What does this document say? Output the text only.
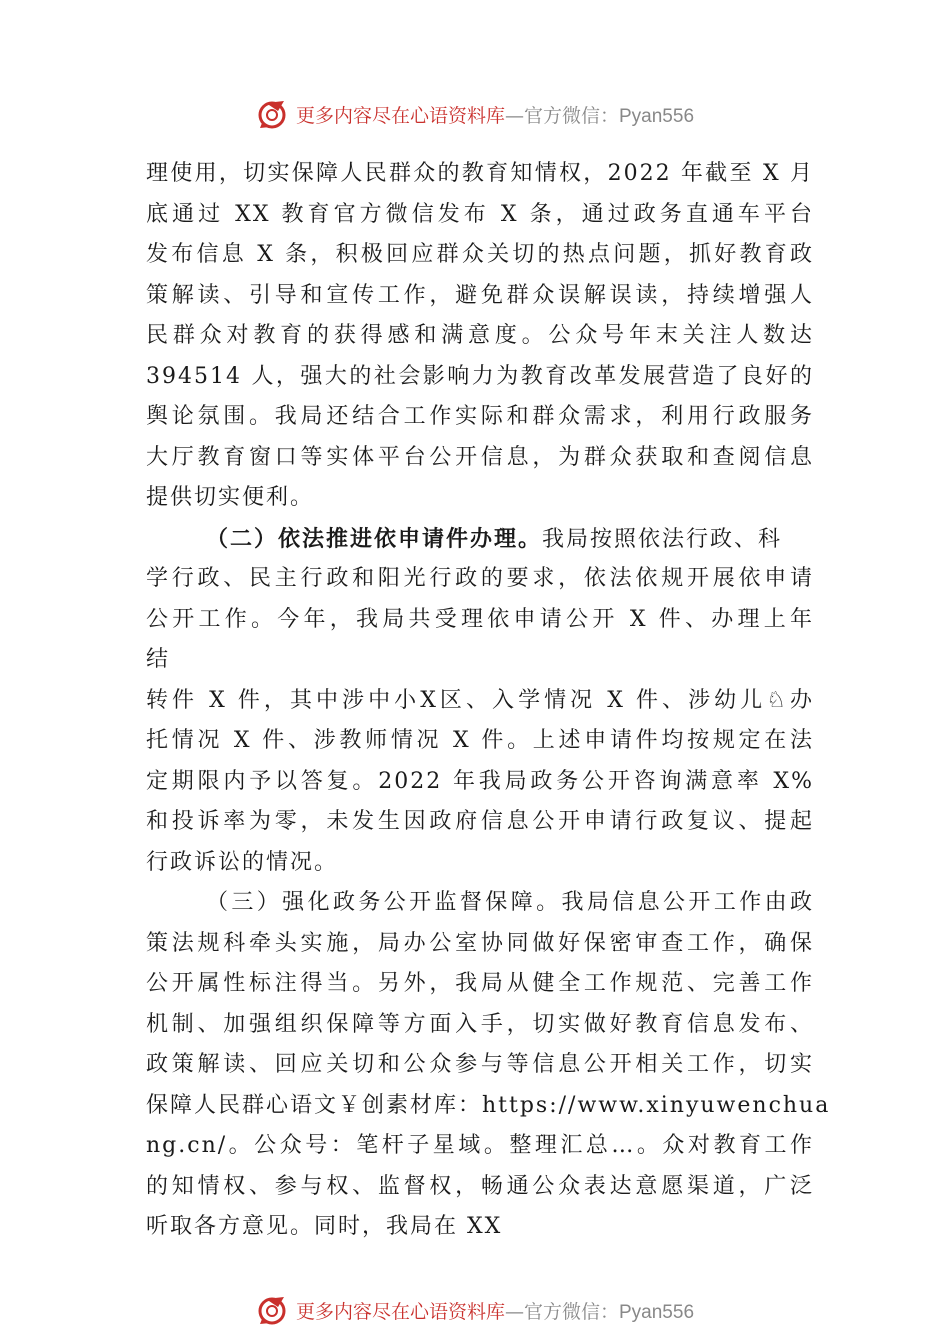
更多内容尽在心语资料库—官方微信：Pyan556
理使用，切实保障人民群众的教育知情权，2022 年截至 X 月
底通过 XX 教育官方微信发布 X 条，通过政务直通车平台
发布信息 X 条，积极回应群众关切的热点问题，抓好教育政
策解读、引导和宣传工作，避免群众误解误读，持续增强人
民群众对教育的获得感和满意度。公众号年末关注人数达
394514 人，强大的社会影响力为教育改革发展营造了良好的
舆论氛围。我局还结合工作实际和群众需求，利用行政服务
大厅教育窗口等实体平台公开信息，为群众获取和查阅信息
提供切实便利。
（二）依法推进依申请件办理。我局按照依法行政、科
学行政、民主行政和阳光行政的要求，依法依规开展依申请
公开工作。今年，我局共受理依申请公开 X 件、办理上年
结
转件 X 件，其中涉中小X区、入学情况 X 件、涉幼儿♘办
托情况 X 件、涉教师情况 X 件。上述申请件均按规定在法
定期限内予以答复。2022 年我局政务公开咨询满意率 X%
和投诉率为零，未发生因政府信息公开申请行政复议、提起
行政诉讼的情况。
（三）强化政务公开监督保障。我局信息公开工作由政
策法规科牵头实施，局办公室协同做好保密审查工作，确保
公开属性标注得当。另外，我局从健全工作规范、完善工作
机制、加强组织保障等方面入手，切实做好教育信息发布、
政策解读、回应关切和公众参与等信息公开相关工作，切实
保障人民群心语文￥创素材库：https://www.xinyuwenchua
ng.cn/。公众号：笔杆子星域。整理汇总…。众对教育工作
的知情权、参与权、监督权，畅通公众表达意愿渠道，广泛
听取各方意见。同时，我局在 XX
更多内容尽在心语资料库—官方微信：Pyan556
